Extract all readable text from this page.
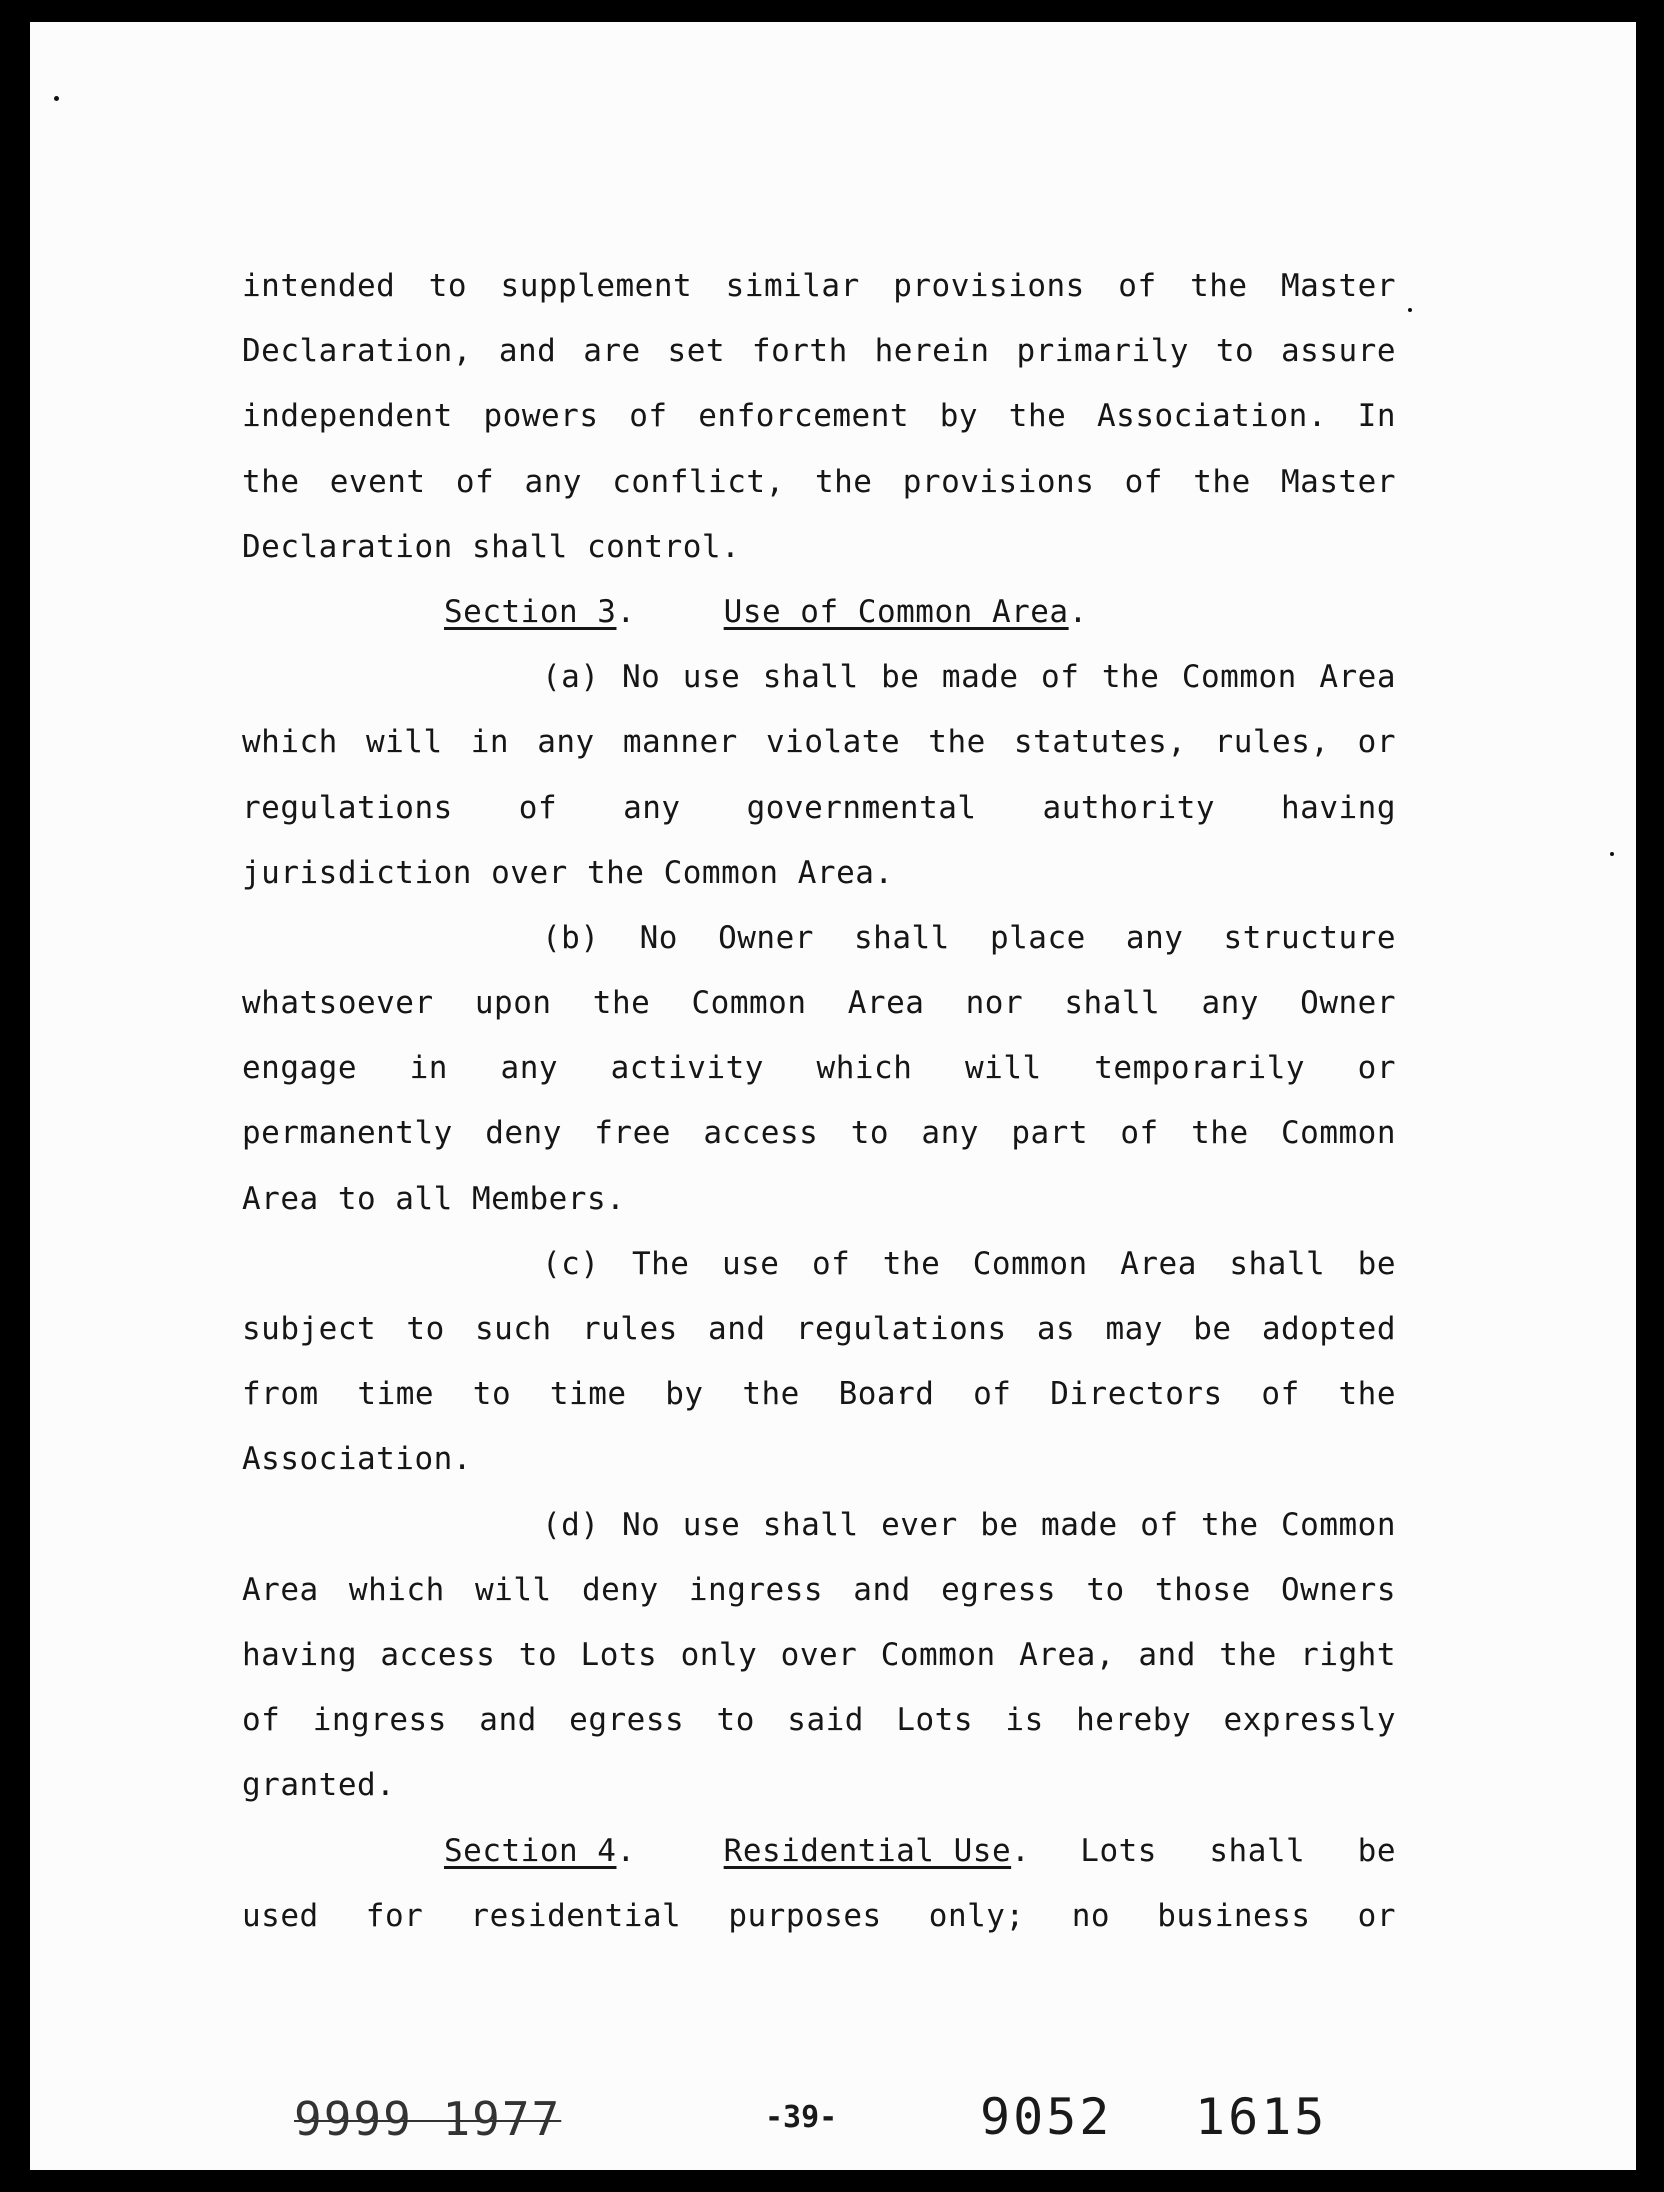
intended to supplement similar provisions of the Master
Declaration, and are set forth herein primarily to assure
independent powers of enforcement by the Association. In
the event of any conflict, the provisions of the Master
Declaration shall control.
Section 3.	Use of Common Area.
(a) No use shall be made of the Common Area
which will in any manner violate the statutes, rules, or
regulations of any governmental authority having
jurisdiction over the Common Area.
(b) No Owner shall place any structure
whatsoever upon the Common Area nor shall any Owner
engage in any activity which will temporarily or
permanently deny free access to any part of the Common
Area to all Members.
(c) The use of the Common Area shall be
subject to such rules and regulations as may be adopted
from time to time by the Board of Directors of the
Association.
(d) No use shall ever be made of the Common
Area which will deny ingress and egress to those Owners
having access to Lots only over Common Area, and the right
of ingress and egress to said Lots is hereby expressly
granted.
Section 4 .	Residential Use .	Lots shall be
used for residential purposes only; no business or
9999 1977	-39-	9052 1615
